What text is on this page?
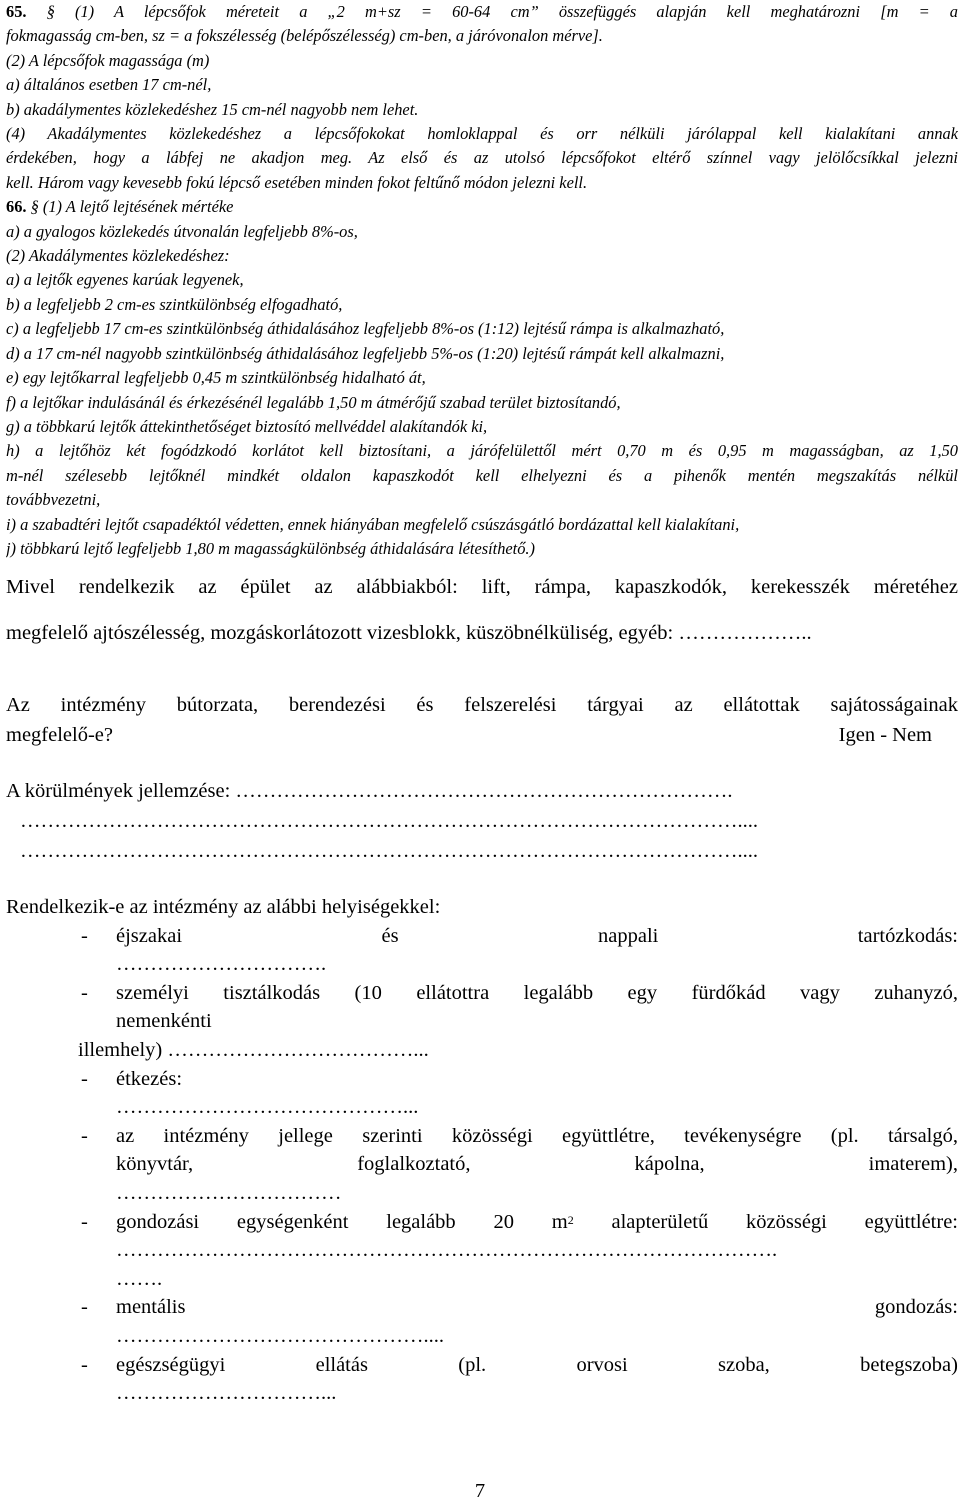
65. § (1) A lépcsőfok méreteit a „2 m+sz = 60-64 cm” összefüggés alapján kell meghatározni [m = a
fokmagasság cm-ben, sz = a fokszélesség (belépőszélesség) cm-ben, a járóvonalon mérve].
(2) A lépcsőfok magassága (m)
a) általános esetben 17 cm-nél,
b) akadálymentes közlekedéshez 15 cm-nél nagyobb nem lehet.
(4) Akadálymentes közlekedéshez a lépcsőfokokat homloklappal és orr nélküli járólappal kell kialakítani annak
érdekében, hogy a lábfej ne akadjon meg. Az első és az utolsó lépcsőfokot eltérő színnel vagy jelölőcsíkkal jelezni
kell. Három vagy kevesebb fokú lépcső esetében minden fokot feltűnő módon jelezni kell.
66. § (1) A lejtő lejtésének mértéke
a) a gyalogos közlekedés útvonalán legfeljebb 8%-os,
(2) Akadálymentes közlekedéshez:
a) a lejtők egyenes karúak legyenek,
b) a legfeljebb 2 cm-es szintkülönbség elfogadható,
c) a legfeljebb 17 cm-es szintkülönbség áthidalásához legfeljebb 8%-os (1:12) lejtésű rámpa is alkalmazható,
d) a 17 cm-nél nagyobb szintkülönbség áthidalásához legfeljebb 5%-os (1:20) lejtésű rámpát kell alkalmazni,
e) egy lejtőkarral legfeljebb 0,45 m szintkülönbség hidalható át,
f) a lejtőkar indulásánál és érkezésénél legalább 1,50 m átmérőjű szabad terület biztosítandó,
g) a többkarú lejtők áttekinthetőséget biztosító mellvéddel alakítandók ki,
h) a lejtőhöz két fogódzkodó korlátot kell biztosítani, a járófelülettől mért 0,70 m és 0,95 m magasságban, az 1,50
m-nél szélesebb lejtőknél mindkét oldalon kapaszkodót kell elhelyezni és a pihenők mentén megszakítás nélkül
továbbvezetni,
i) a szabadtéri lejtőt csapadéktól védetten, ennek hiányában megfelelő csúszásgátló bordázattal kell kialakítani,
j) többkarú lejtő legfeljebb 1,80 m magasságkülönbség áthidalására létesíthető.)
Mivel rendelkezik az épület az alábbiakból: lift, rámpa, kapaszkodók, kerekesszék méretéhez
megfelelő ajtószélesség, mozgáskorlátozott vizesblokk, küszöbnélküliség, egyéb: ………………..
Az intézmény bútorzata, berendezési és felszerelési tárgyai az ellátottak sajátosságainak
megfelelő-e?	Igen - Nem
A körülmények jellemzése: ……………………………………………………………….
……………………………………………………………………………………………....
……………………………………………………………………………………………....
Rendelkezik-e az intézmény az alábbi helyiségekkel:
- éjszakai és nappali tartózkodás:
………………………….
- személyi tisztálkodás (10 ellátottra legalább egy fürdőkád vagy zuhanyzó,
nemenkénti
illemhely) ………………………………...
- étkezés:
……………………………………...
- az intézmény jellege szerinti közösségi együttlétre, tevékenységre (pl. társalgó,
könyvtár, foglalkoztató, kápolna, imaterem),
……………………………
- gondozási egységenként legalább 20 $m^2$ alapterületű közösségi együttlétre:
…………………………………………………………………………………….
…….
- mentális gondozás:
………………………………………....
- egészségügyi ellátás (pl. orvosi szoba, betegszoba)
…………………………...
7
